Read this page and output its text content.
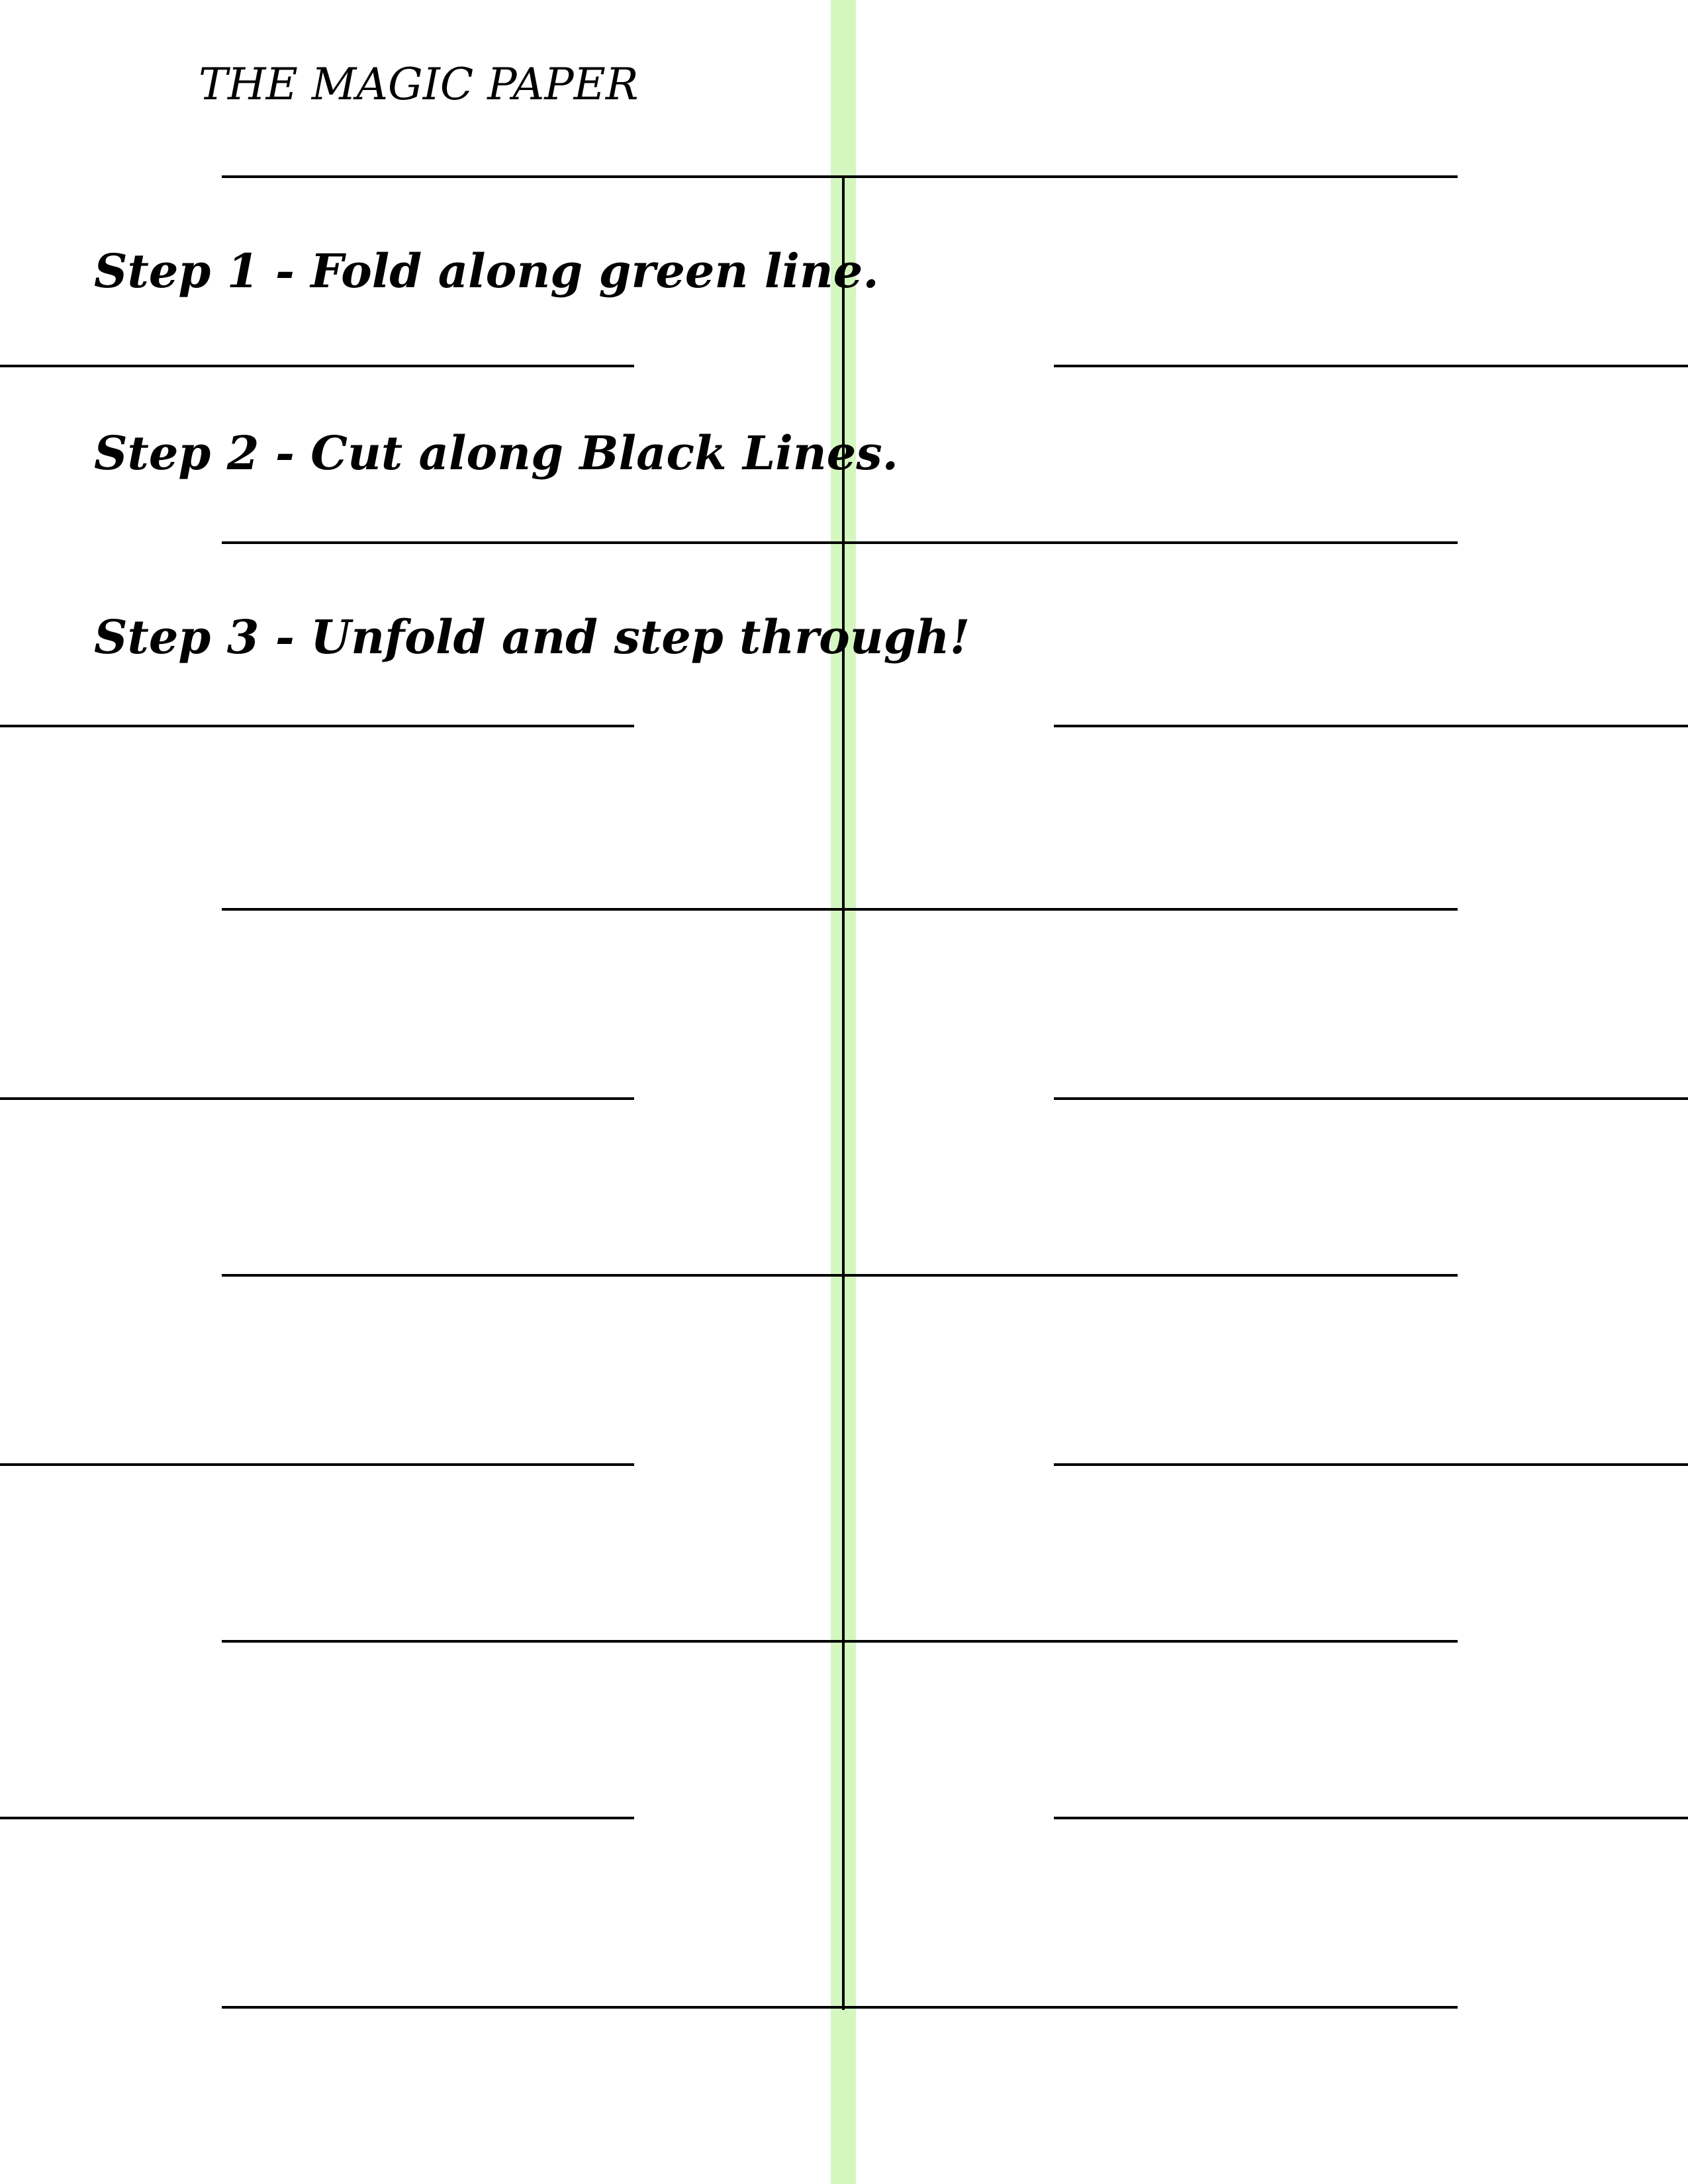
THE MAGIC PAPER
Step 1 - Fold along green line.
Step 2 - Cut along Black Lines.
Step 3 - Unfold and step through!
